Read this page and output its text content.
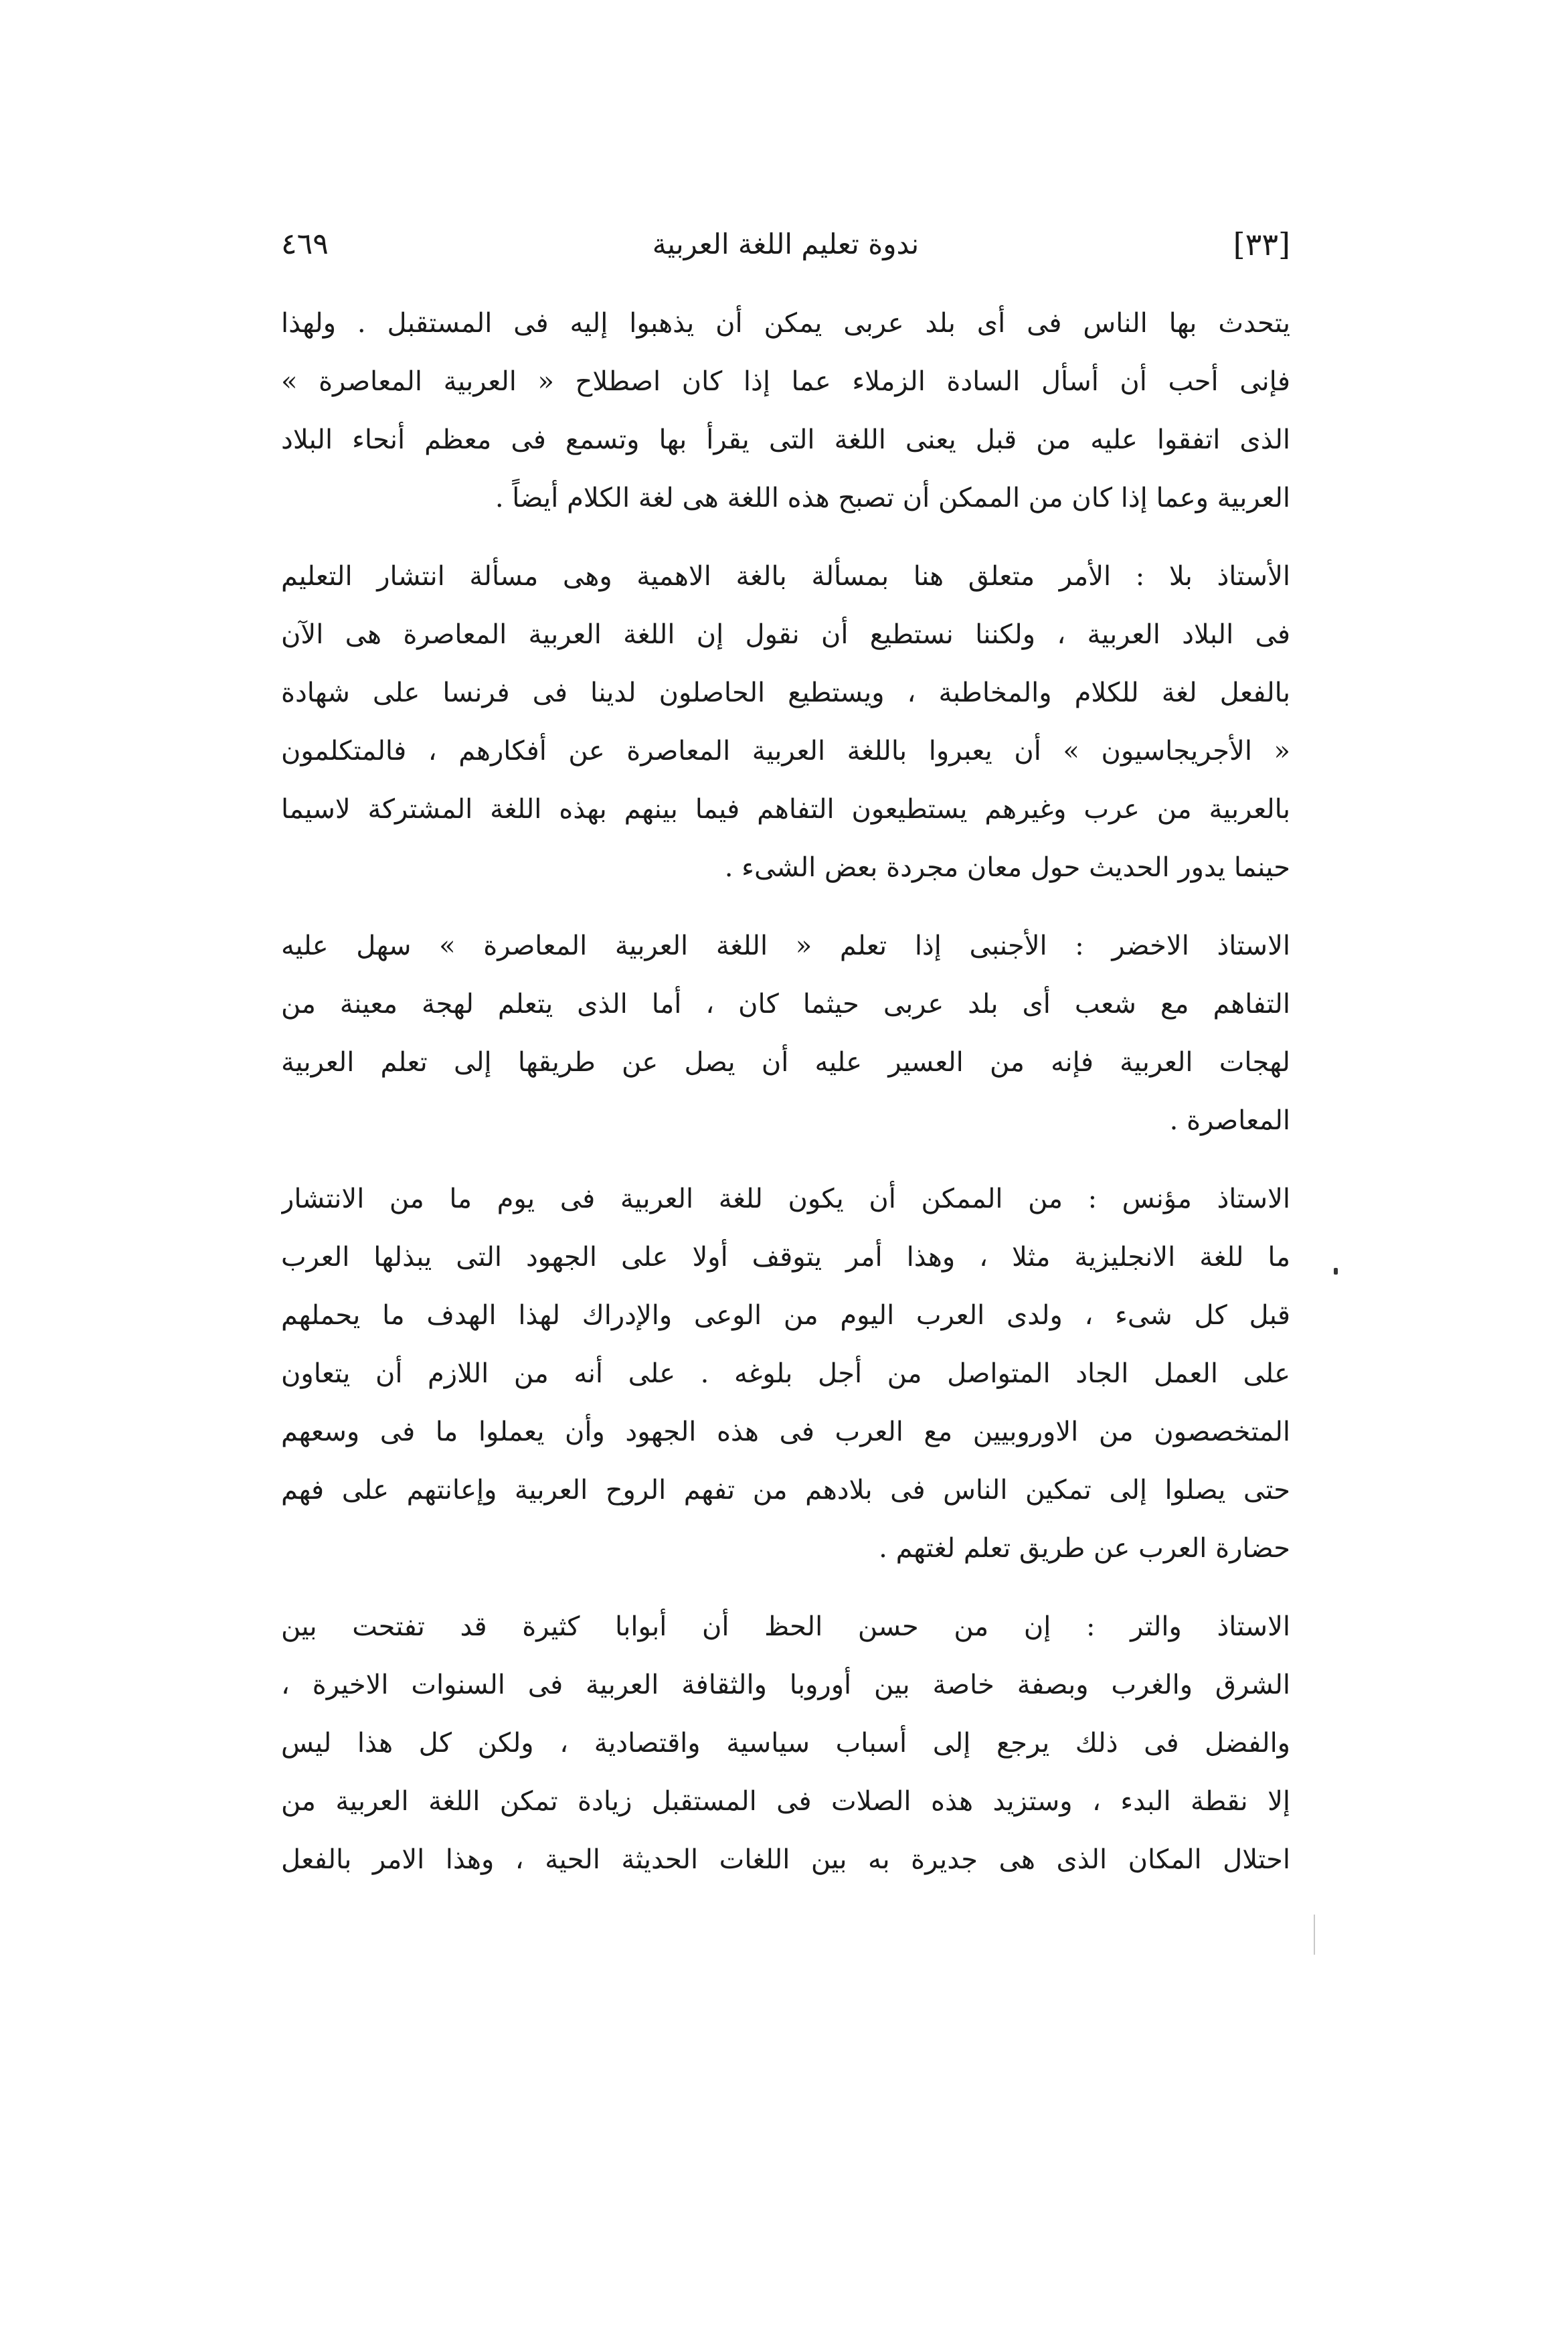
٤٦٩	ندوة تعليم اللغة العربية	[٣٣]
يتحدث بها الناس فى أى بلد عربى يمكن أن يذهبوا إليه فى المستقبل . ولهذا
فإنى أحب أن أسأل السادة الزملاء عما إذا كان اصطلاح « العربية المعاصرة »
الذى اتفقوا عليه من قبل يعنى اللغة التى يقرأ بها وتسمع فى معظم أنحاء البلاد
العربية وعما إذا كان من الممكن أن تصبح هذه اللغة هى لغة الكلام أيضاً .
الأستاذ بلا : الأمر متعلق هنا بمسألة بالغة الاهمية وهى مسألة انتشار التعليم
فى البلاد العربية ، ولكننا نستطيع أن نقول إن اللغة العربية المعاصرة هى الآن
بالفعل لغة للكلام والمخاطبة ، ويستطيع الحاصلون لدينا فى فرنسا على شهادة
« الأجريجاسيون » أن يعبروا باللغة العربية المعاصرة عن أفكارهم ، فالمتكلمون
بالعربية من عرب وغيرهم يستطيعون التفاهم فيما بينهم بهذه اللغة المشتركة لاسيما
حينما يدور الحديث حول معان مجردة بعض الشىء .
الاستاذ الاخضر : الأجنبى إذا تعلم « اللغة العربية المعاصرة » سهل عليه
التفاهم مع شعب أى بلد عربى حيثما كان ، أما الذى يتعلم لهجة معينة من
لهجات العربية فإنه من العسير عليه أن يصل عن طريقها إلى تعلم العربية
المعاصرة .
الاستاذ مؤنس : من الممكن أن يكون للغة العربية فى يوم ما من الانتشار
ما للغة الانجليزية مثلا ، وهذا أمر يتوقف أولا على الجهود التى يبذلها العرب
قبل كل شىء ، ولدى العرب اليوم من الوعى والإدراك لهذا الهدف ما يحملهم
على العمل الجاد المتواصل من أجل بلوغه . على أنه من اللازم أن يتعاون
المتخصصون من الاوروبيين مع العرب فى هذه الجهود وأن يعملوا ما فى وسعهم
حتى يصلوا إلى تمكين الناس فى بلادهم من تفهم الروح العربية وإعانتهم على فهم
حضارة العرب عن طريق تعلم لغتهم .
الاستاذ والتر : إن من حسن الحظ أن أبوابا كثيرة قد تفتحت بين
الشرق والغرب وبصفة خاصة بين أوروبا والثقافة العربية فى السنوات الاخيرة ،
والفضل فى ذلك يرجع إلى أسباب سياسية واقتصادية ، ولكن كل هذا ليس
إلا نقطة البدء ، وستزيد هذه الصلات فى المستقبل زيادة تمكن اللغة العربية من
احتلال المكان الذى هى جديرة به بين اللغات الحديثة الحية ، وهذا الامر بالفعل
